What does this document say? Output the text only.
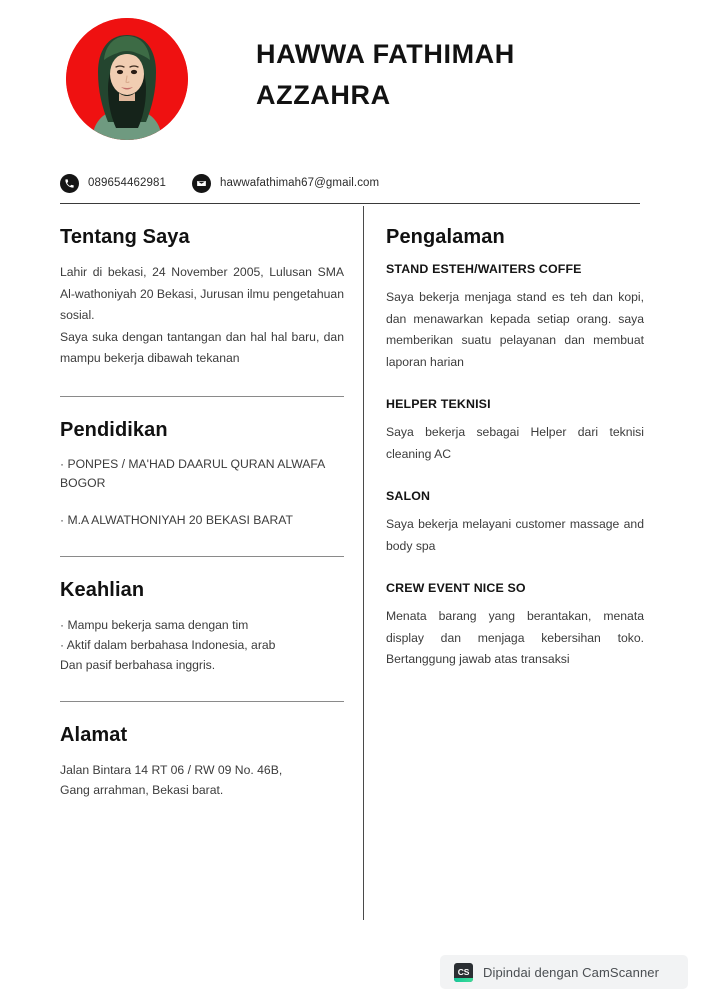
HAWWA FATHIMAH
AZZAHRA
089654462981	hawwafathimah67@gmail.com
Tentang Saya

Lahir di bekasi, 24 November 2005, Lulusan SMA Al-wathoniyah 20 Bekasi, Jurusan ilmu pengetahuan sosial.

Saya suka dengan tantangan dan hal hal baru, dan mampu bekerja dibawah tekanan

Pendidikan

· PONPES / MA'HAD DAARUL QURAN ALWAFA BOGOR

· M.A ALWATHONIYAH 20 BEKASI BARAT

Keahlian

· Mampu bekerja sama dengan tim

· Aktif dalam berbahasa Indonesia, arab

Dan pasif berbahasa inggris.

Alamat

Jalan Bintara 14 RT 06 / RW 09 No. 46B,

Gang arrahman, Bekasi barat.

Pengalaman

STAND ESTEH/WAITERS COFFE

Saya bekerja menjaga stand es teh dan kopi, dan menawarkan kepada setiap orang. saya memberikan suatu pelayanan dan membuat laporan harian

HELPER TEKNISI

Saya bekerja sebagai Helper dari teknisi cleaning AC

SALON

Saya bekerja melayani customer massage and body spa

CREW EVENT NICE SO

Menata barang yang berantakan, menata display dan menjaga kebersihan toko. Bertanggung jawab atas transaksi

CS Dipindai dengan CamScanner
